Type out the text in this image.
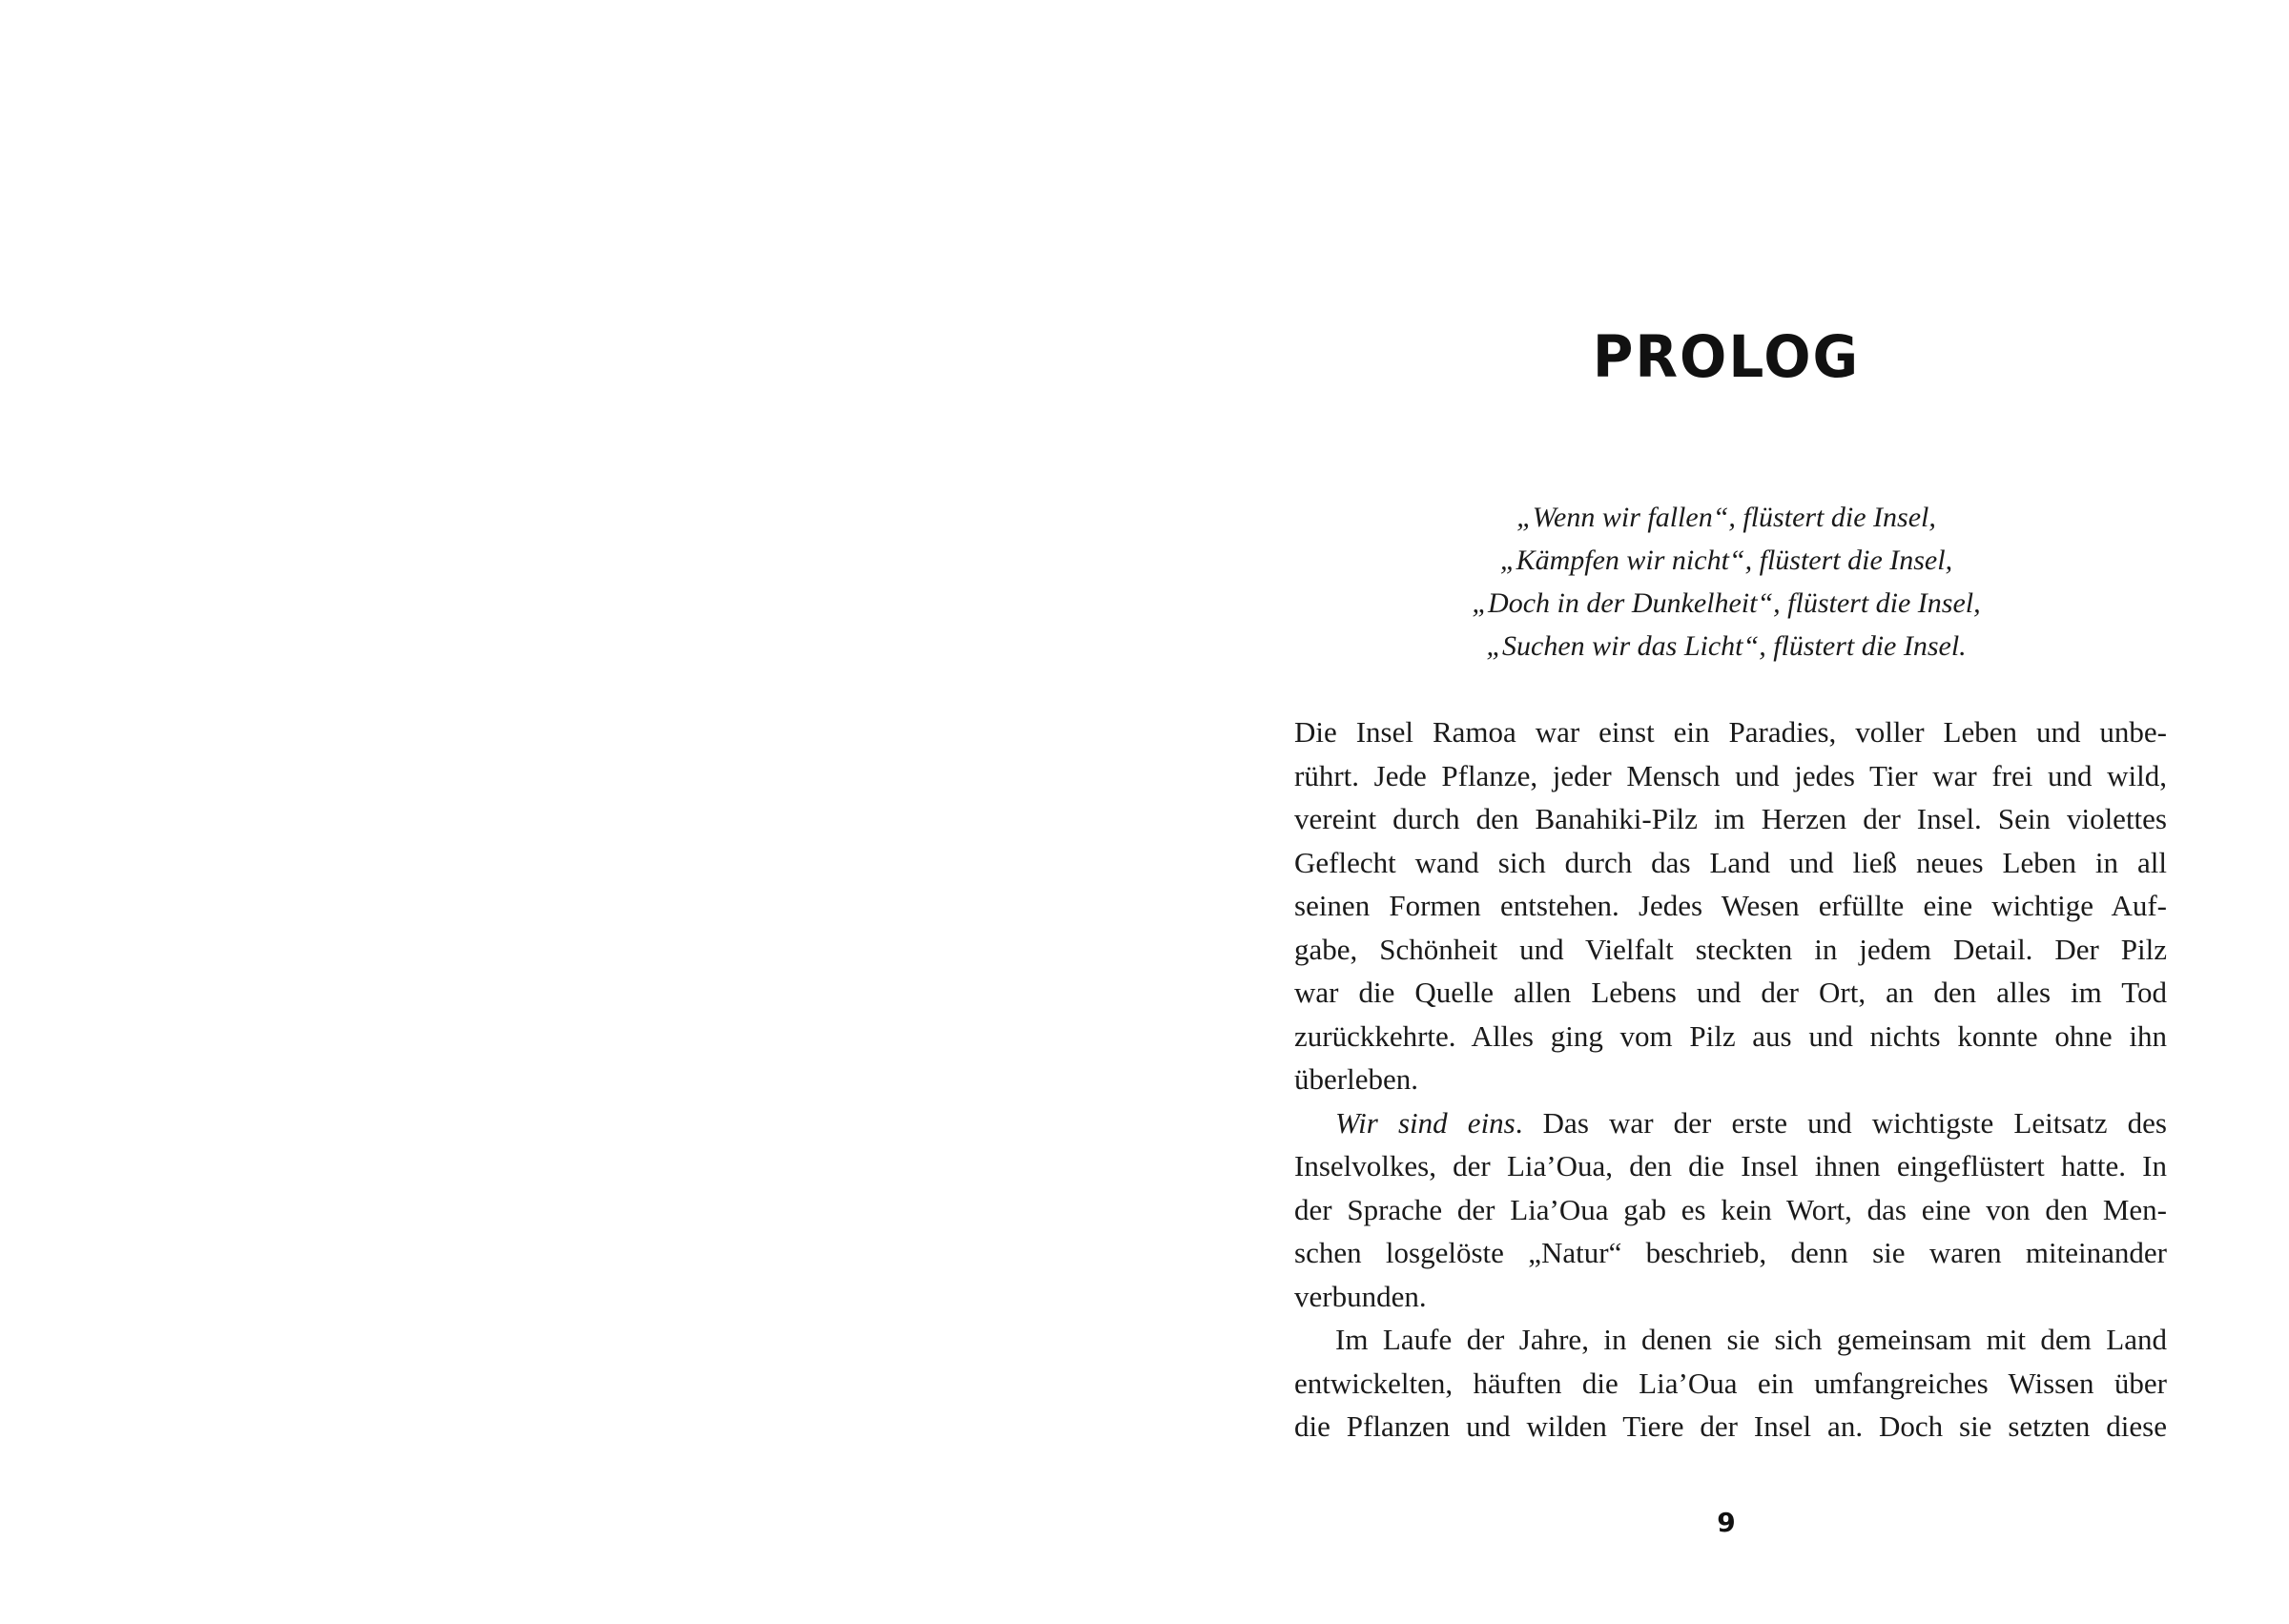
PROLOG
„Wenn wir fallen“, flüstert die Insel,
„Kämpfen wir nicht“, flüstert die Insel,
„Doch in der Dunkelheit“, flüstert die Insel,
„Suchen wir das Licht“, flüstert die Insel.
Die Insel Ramoa war einst ein Paradies, voller Leben und unbe-
rührt. Jede Pflanze, jeder Mensch und jedes Tier war frei und wild,
vereint durch den Banahiki-Pilz im Herzen der Insel. Sein violettes
Geflecht wand sich durch das Land und ließ neues Leben in all
seinen Formen entstehen. Jedes Wesen erfüllte eine wichtige Auf-
gabe, Schönheit und Vielfalt steckten in jedem Detail. Der Pilz
war die Quelle allen Lebens und der Ort, an den alles im Tod
zurückkehrte. Alles ging vom Pilz aus und nichts konnte ohne ihn
überleben.
Wir sind eins. Das war der erste und wichtigste Leitsatz des
Inselvolkes, der Lia’Oua, den die Insel ihnen eingeflüstert hatte. In
der Sprache der Lia’Oua gab es kein Wort, das eine von den Men-
schen losgelöste „Natur“ beschrieb, denn sie waren miteinander
verbunden.
Im Laufe der Jahre, in denen sie sich gemeinsam mit dem Land
entwickelten, häuften die Lia’Oua ein umfangreiches Wissen über
die Pflanzen und wilden Tiere der Insel an. Doch sie setzten diese
9
